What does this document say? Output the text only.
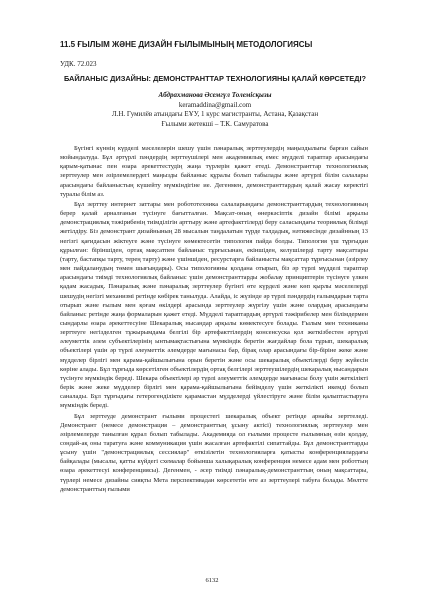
11.5 ҒЫЛЫМ ЖӘНЕ ДИЗАЙН ҒЫЛЫМЫНЫҢ МЕТОДОЛОГИЯСЫ
УДК. 72.023
БАЙЛАНЫС ДИЗАЙНЫ: ДЕМОНСТРАНТТАР ТЕХНОЛОГИЯНЫ ҚАЛАЙ КӨРСЕТЕДІ?
Абдрахманова Әсемгүл Толемісқызы
keramaddina@gmail.com
Л.Н. Гумилёв атындағы ЕҰУ, 1 курс магистранты, Астана, Қазақстан
Ғылыми жетекші – Т.К. Самуратова

Бүгінгі күннің күрделі мәселелерін шешу үшін пәнаралық зерттеулердің маңыздылығы барған сайын мойындалуда. Бұл әртүрлі пәндердің зерттеушілері мен академиялық емес мүдделі тараптар арасындағы қарым-қатынас пен өзара әрекеттестудің жаңа түрлерін қажет етеді. Демонстранттар технологиялық зерттеулер мен әзірлемелердегі маңызды байланыс құралы болып табылады және әртүрлі білім салалары арасындағы байланыстың күшейту мүмкіндігіне ие. Дегенмен, демонстранттардың қалай жасау керектігі туралы білім аз.

Бұл зерттеу интернет заттары мен робототехника салаларындағы демонстранттардың технологияның берер қалай арналғанын түсінуге бағытталған. Мақсат-оның өнеркәсіптік дизайн білімі арқылы демонстрациялық тәжірибенің тиімділігін арттыру және артефакттілерді беру саласындағы теориялық білімді жетілдіру. Біз демонстрант дизайнының 28 мысалын таңдалатын түрде талдадық, нәтижесінде дизайнның 13 негізгі қағидасын жіктеуге және түсінуге көмектесетін типология пайда болды. Типология үш тұрғыдан құрылған: біріншіден, ортақ мақсатпен байланыс тұрғысынан, екіншіден, келушілерді тарту мақсаттары (тарту, бастапқы тарту, терең тарту) және үшіншіден, ресурстарға байланысты мақсаттар тұрғысынан (әзірлеу мен пайдаланудың төмен шығындары). Осы типологияны қолдана отырып, біз әр түрлі мүдделі тараптар арасындағы тиімді технологиялық байланыс үшін демонстранттарды жобалау принциптерін түсінуге үлкен қадам жасадық. Пәнаралық және пәнаралық зерттеулер бүгінгі өте күрделі және көп қырлы мәселелерді шешудің негізгі механизмі ретінде көбірек танылуда. Алайда, іс жүзінде әр түрлі пәндердің ғалымдарын тарта отырып және ғылым мен қоғам өкілдері арасында зерттеулер жүргізу үшін және олардың арасындағы байланыс ретінде жаңа формаларын қажет етеді. Мүдделі тараптардың әртүрлі тәжірибелер мен білімдермен сындарлы өзара әрекеттесуіне Шекаралық нысандар арқылы көмектесуге болады. Ғылым мен техниканы зерттеуге негізделген тұжырымдама белгілі бір артефакттілердің консенсуска қол жеткізбестен әртүрлі әлеуметтік әлем субъектілерінің ынтымақтастығына мүмкіндік беретін жағдайлар бола тұрып, шекаралық объектілері үшін әр түрлі әлеуметтік әлемдерде мағынасы бар, бірақ олар арасындағы бір-біріне жеке және мүдделер бірлігі мен қарама-қайшылығына орын беретін және осы шекаралық объектілерді беру жүйесін көріне алады. Бұл тұрғыда көрсетілген объектілердің ортақ белгілері зерттеушілердің шекаралық нысандарын түсінуге мүмкіндік береді. Шекара объектілері әр түрлі әлеуметтік әлемдерде мағынасы болу үшін жеткілікті берік және жеке мүдделер бірлігі мен қарама-қайшылығына бейімделу үшін жеткілікті икемді болып саналады. Бұл тұрғыдағы гетерогенділікте қарамастан мүдделерді үйлестіруге және білім қалыптастыруға мүмкіндік береді.

Бұл зерттеуде демонстрант ғылыми процестегі шекаралық объект ретінде арнайы зерттеледі. Демонстрант (немесе демонстрация – демонстранттың ұсыну актісі) технологиялық зерттеулер мен әзірлемелерде танылған құрал болып табылады. Академияда ол ғылыми процесте ғылымның өзін қолдау, сондай-ақ оны таратуға және коммуникация үшін жасалған артефактілі сипаттайды. Бұл демонстранттарды ұсыну үшін "демонстрациялық сессиялар" өткізілетін технологияларға қатысты конференциялардағы байқалады (мысалы, қатты күйдегі схемалар бойынша халықаралық конференция немесе адам мен роботтың өзара әрекеттесуі конференциясы). Дегенмен, - әсер тиімді пәнаралық-демонстранттың оның мақсаттары, түрлері немесе дизайны сияқты Мета перспективадан көрсететін өте аз зерттеулері табуға болады. Мөлтте демонстранттың ғылыми

6132
